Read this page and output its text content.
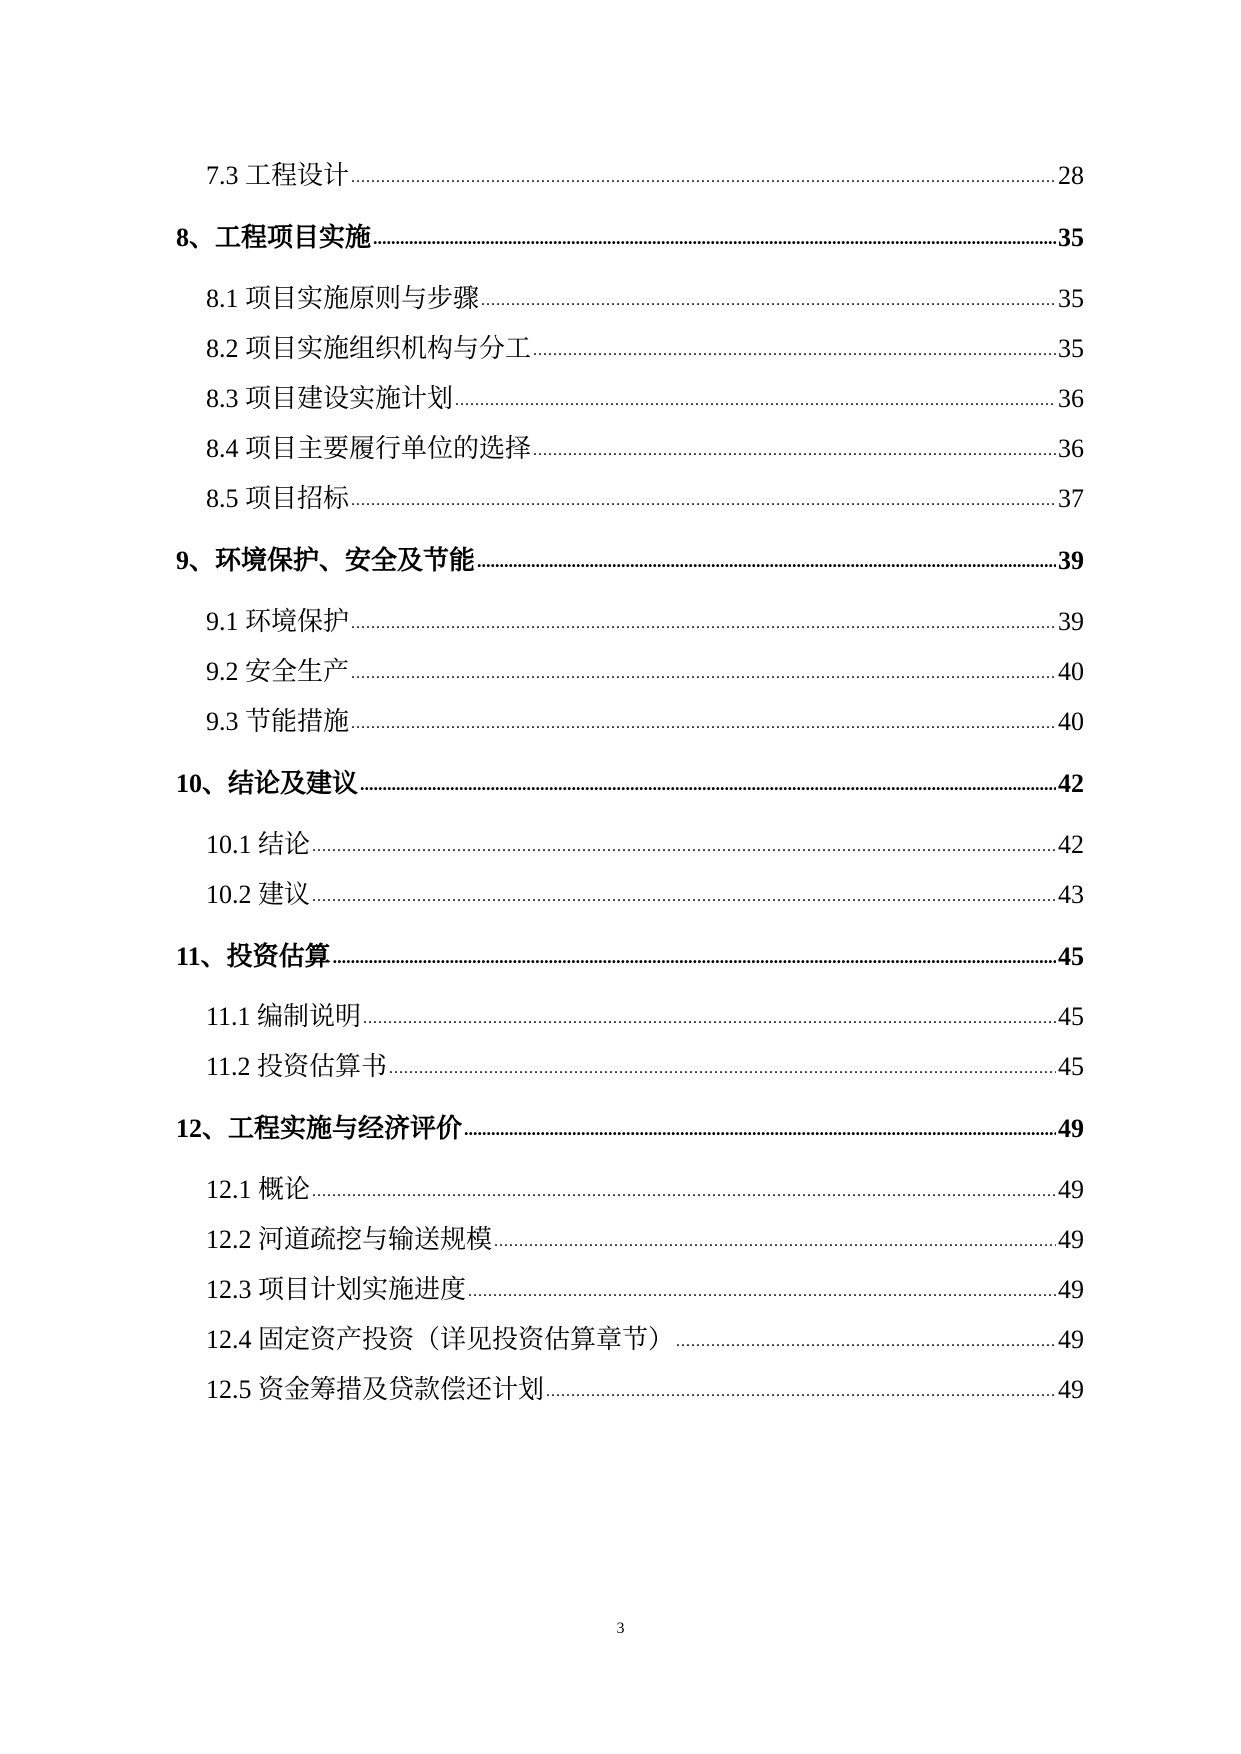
7.3 工程设计 .....	28
8、工程项目实施 .....	35
8.1 项目实施原则与步骤 .....	35
8.2 项目实施组织机构与分工 .....	35
8.3 项目建设实施计划 .....	36
8.4 项目主要履行单位的选择 .....	36
8.5 项目招标 .....	37
9、环境保护、安全及节能 .....	39
9.1 环境保护 .....	39
9.2 安全生产 .....	40
9.3 节能措施 .....	40
10、结论及建议 .....	42
10.1 结论 .....	42
10.2 建议 .....	43
11、投资估算 .....	45
11.1 编制说明 .....	45
11.2 投资估算书 .....	45
12、工程实施与经济评价 .....	49
12.1 概论 .....	49
12.2 河道疏挖与输送规模 .....	49
12.3 项目计划实施进度 .....	49
12.4 固定资产投资（详见投资估算章节） .....	49
12.5 资金筹措及贷款偿还计划 .....	49
3
